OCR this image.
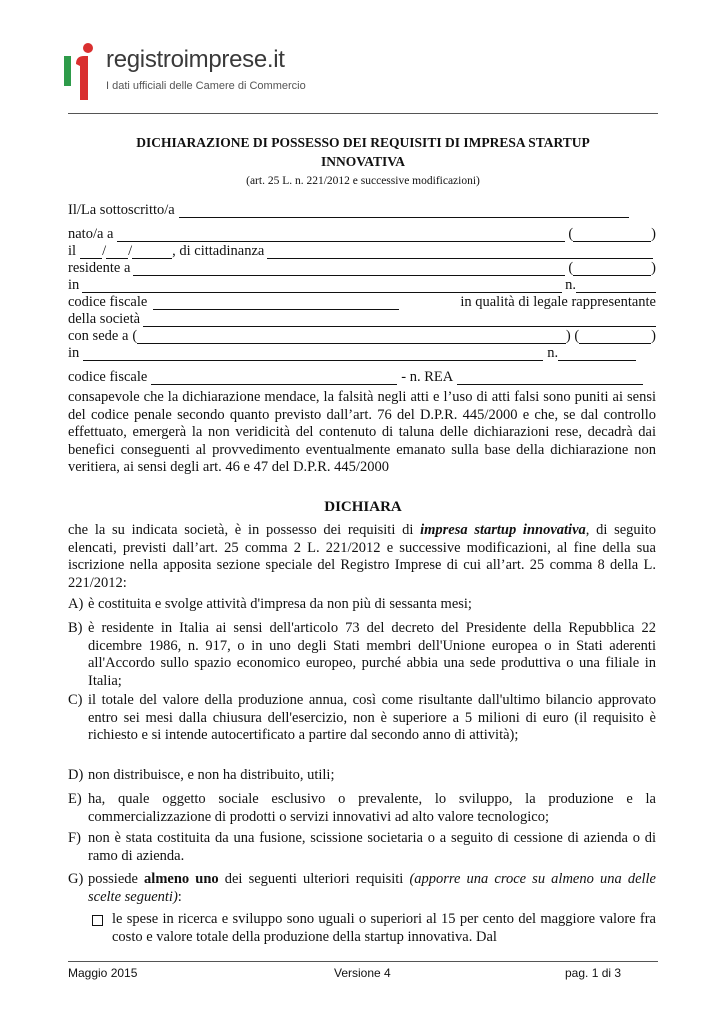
registroimprese.it
I dati ufficiali delle Camere di Commercio
DICHIARAZIONE DI POSSESSO DEI REQUISITI DI IMPRESA STARTUP
INNOVATIVA
(art. 25 L. n. 221/2012 e successive modificazioni)
Il/La sottoscritto/a
nato/a a	(	)
il / /	, di cittadinanza
residente a	(	)
in	n.
codice fiscale	in qualità di legale rappresentante
della società
con sede a (	) (	)
in	n.
codice fiscale	- n. REA
consapevole che la dichiarazione mendace, la falsità negli atti e l’uso di atti falsi sono puniti ai sensi del codice penale secondo quanto previsto dall’art. 76 del D.P.R. 445/2000 e che, se dal controllo effettuato, emergerà la non veridicità del contenuto di taluna delle dichiarazioni rese, decadrà dai benefici conseguenti al provvedimento eventualmente emanato sulla base della dichiarazione non veritiera, ai sensi degli art. 46 e 47 del D.P.R. 445/2000
DICHIARA
che la su indicata società, è in possesso dei requisiti di impresa startup innovativa, di seguito elencati, previsti dall’art. 25 comma 2 L. 221/2012 e successive modificazioni, al fine della sua iscrizione nella apposita sezione speciale del Registro Imprese di cui all’art. 25 comma 8 della L. 221/2012:
A) è costituita e svolge attività d'impresa da non più di sessanta mesi;
B) è residente in Italia ai sensi dell'articolo 73 del decreto del Presidente della Repubblica 22 dicembre 1986, n. 917, o in uno degli Stati membri dell'Unione europea o in Stati aderenti all'Accordo sullo spazio economico europeo, purché abbia una sede produttiva o una filiale in Italia;
C) il totale del valore della produzione annua, così come risultante dall'ultimo bilancio approvato entro sei mesi dalla chiusura dell'esercizio, non è superiore a 5 milioni di euro (il requisito è richiesto e si intende autocertificato a partire dal secondo anno di attività);
D) non distribuisce, e non ha distribuito, utili;
E) ha, quale oggetto sociale esclusivo o prevalente, lo sviluppo, la produzione e la commercializzazione di prodotti o servizi innovativi ad alto valore tecnologico;
F) non è stata costituita da una fusione, scissione societaria o a seguito di cessione di azienda o di ramo di azienda.
G) possiede almeno uno dei seguenti ulteriori requisiti (apporre una croce su almeno una delle scelte seguenti):
le spese in ricerca e sviluppo sono uguali o superiori al 15 per cento del maggiore valore fra costo e valore totale della produzione della startup innovativa. Dal
Maggio 2015	Versione 4	pag. 1 di 3
